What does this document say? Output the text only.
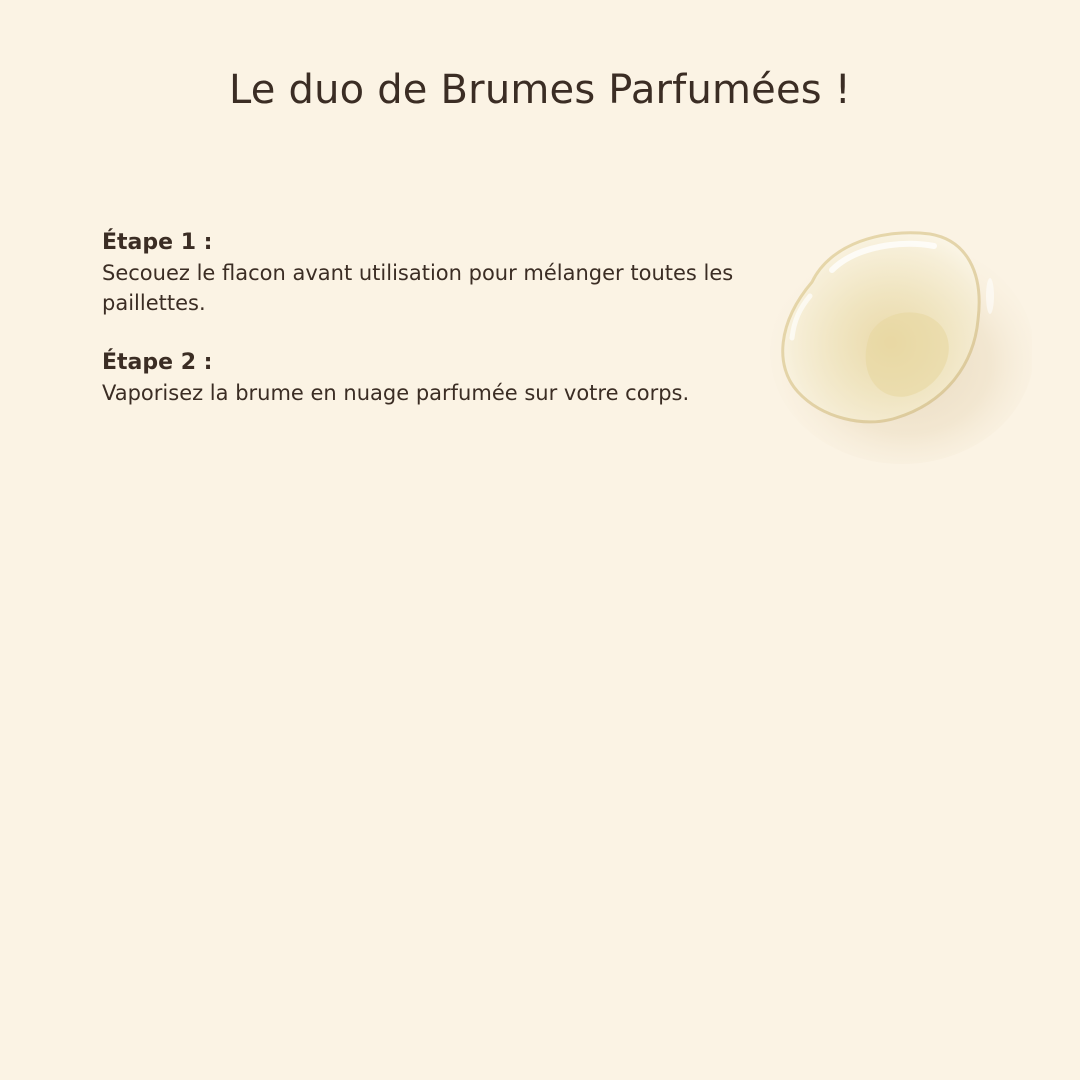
Le duo de Brumes Parfumées !
Étape 1 :
Secouez le flacon avant utilisation pour mélanger toutes les paillettes.
Étape 2 :
Vaporisez la brume en nuage parfumée sur votre corps.
